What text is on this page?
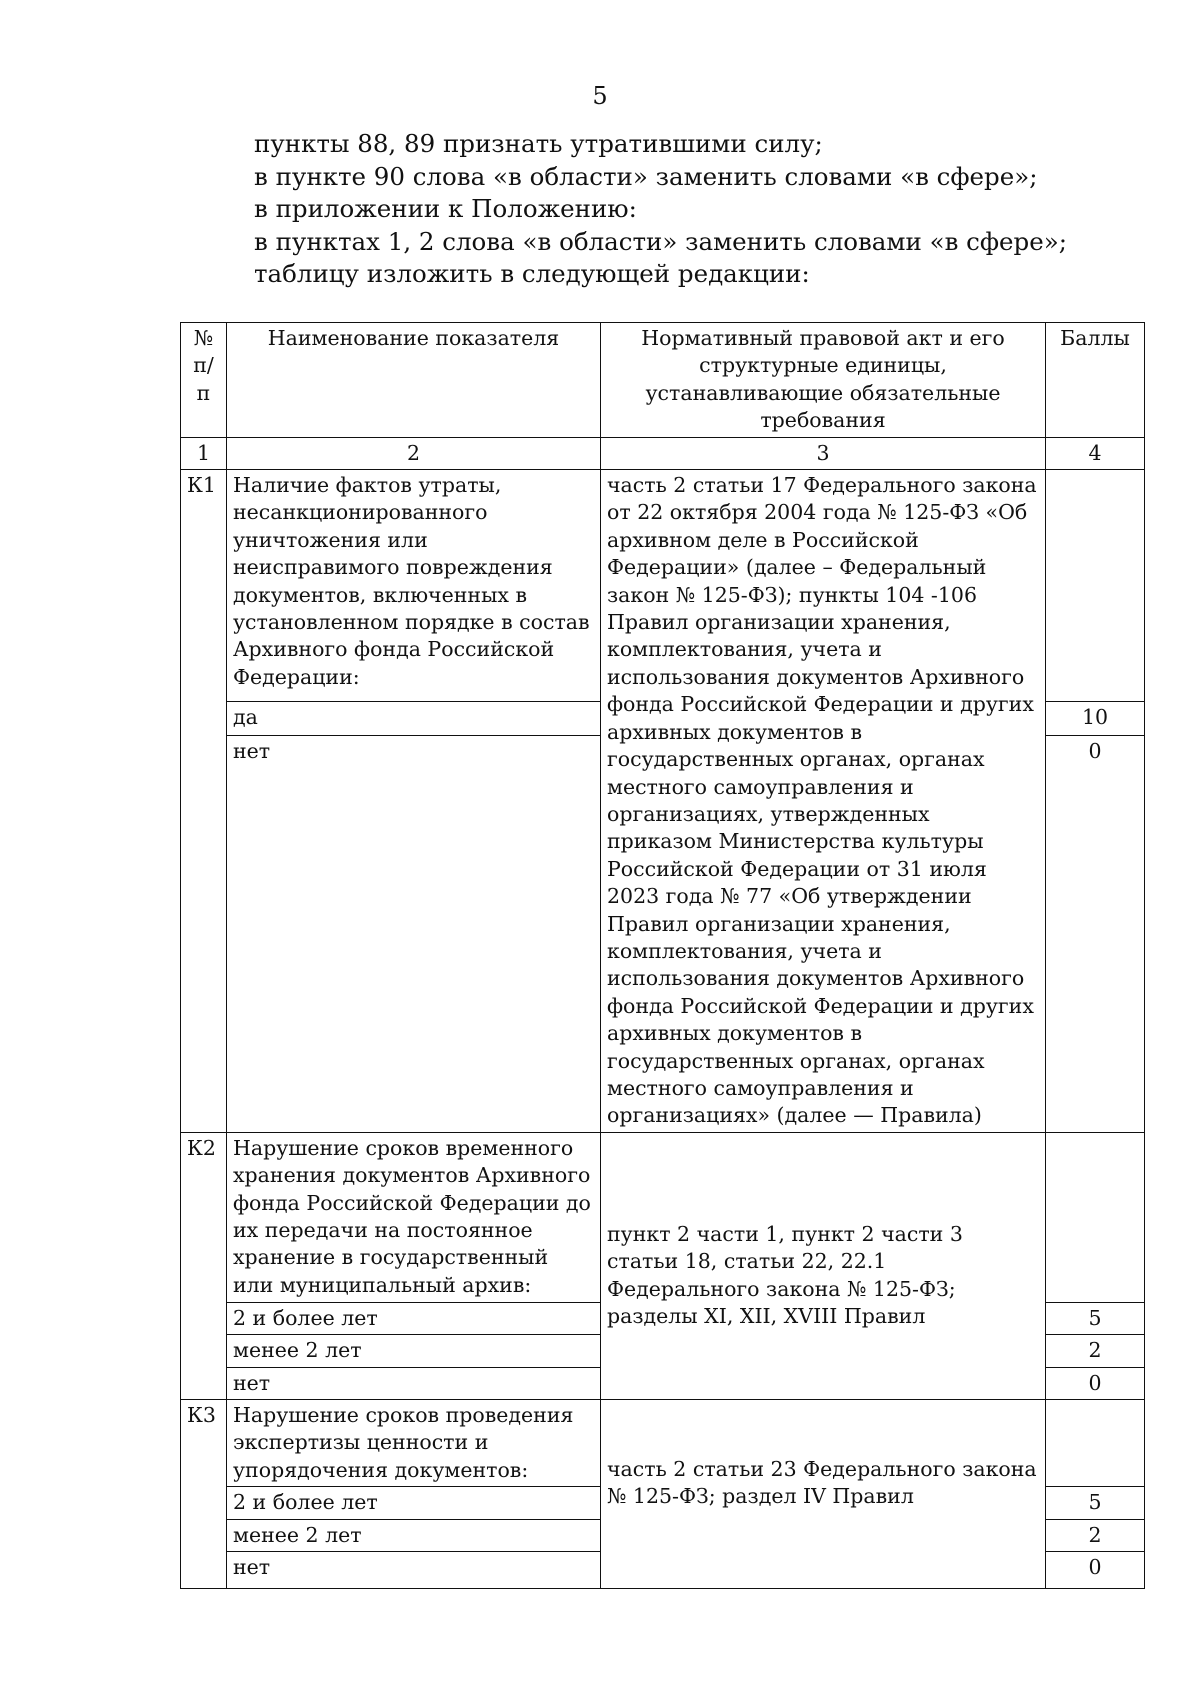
5
пункты 88, 89 признать утратившими силу;
в пункте 90 слова «в области» заменить словами «в сфере»;
в приложении к Положению:
в пунктах 1, 2 слова «в области» заменить словами «в сфере»;
таблицу изложить в следующей редакции:
№ п/ п	Наименование показателя	Нормативный правовой акт и его структурные единицы, устанавливающие обязательные требования	Баллы
1	2	3	4
К1	Наличие фактов утраты, несанкционированного уничтожения или неисправимого повреждения документов, включенных в установленном порядке в состав Архивного фонда Российской Федерации:	часть 2 статьи 17 Федерального закона от 22 октября 2004 года № 125-ФЗ «Об архивном деле в Российской Федерации» (далее – Федеральный закон № 125-ФЗ); пункты 104 -106 Правил организации хранения, комплектования, учета и использования документов Архивного фонда Российской Федерации и других архивных документов в государственных органах, органах местного самоуправления и организациях, утвержденных приказом Министерства культуры Российской Федерации от 31 июля 2023 года № 77 «Об утверждении Правил организации хранения, комплектования, учета и использования документов Архивного фонда Российской Федерации и других архивных документов в государственных органах, органах местного самоуправления и организациях» (далее — Правила)	
	да		10
	нет		0
К2	Нарушение сроков временного хранения документов Архивного фонда Российской Федерации до их передачи на постоянное хранение в государственный или муниципальный архив:	пункт 2 части 1, пункт 2 части 3 статьи 18, статьи 22, 22.1 Федерального закона № 125-ФЗ; разделы XI, XII, XVIII Правил	
	2 и более лет		5
	менее 2 лет		2
	нет		0
К3	Нарушение сроков проведения экспертизы ценности и упорядочения документов:	часть 2 статьи 23 Федерального закона № 125-ФЗ; раздел IV Правил	
	2 и более лет		5
	менее 2 лет		2
	нет		0
